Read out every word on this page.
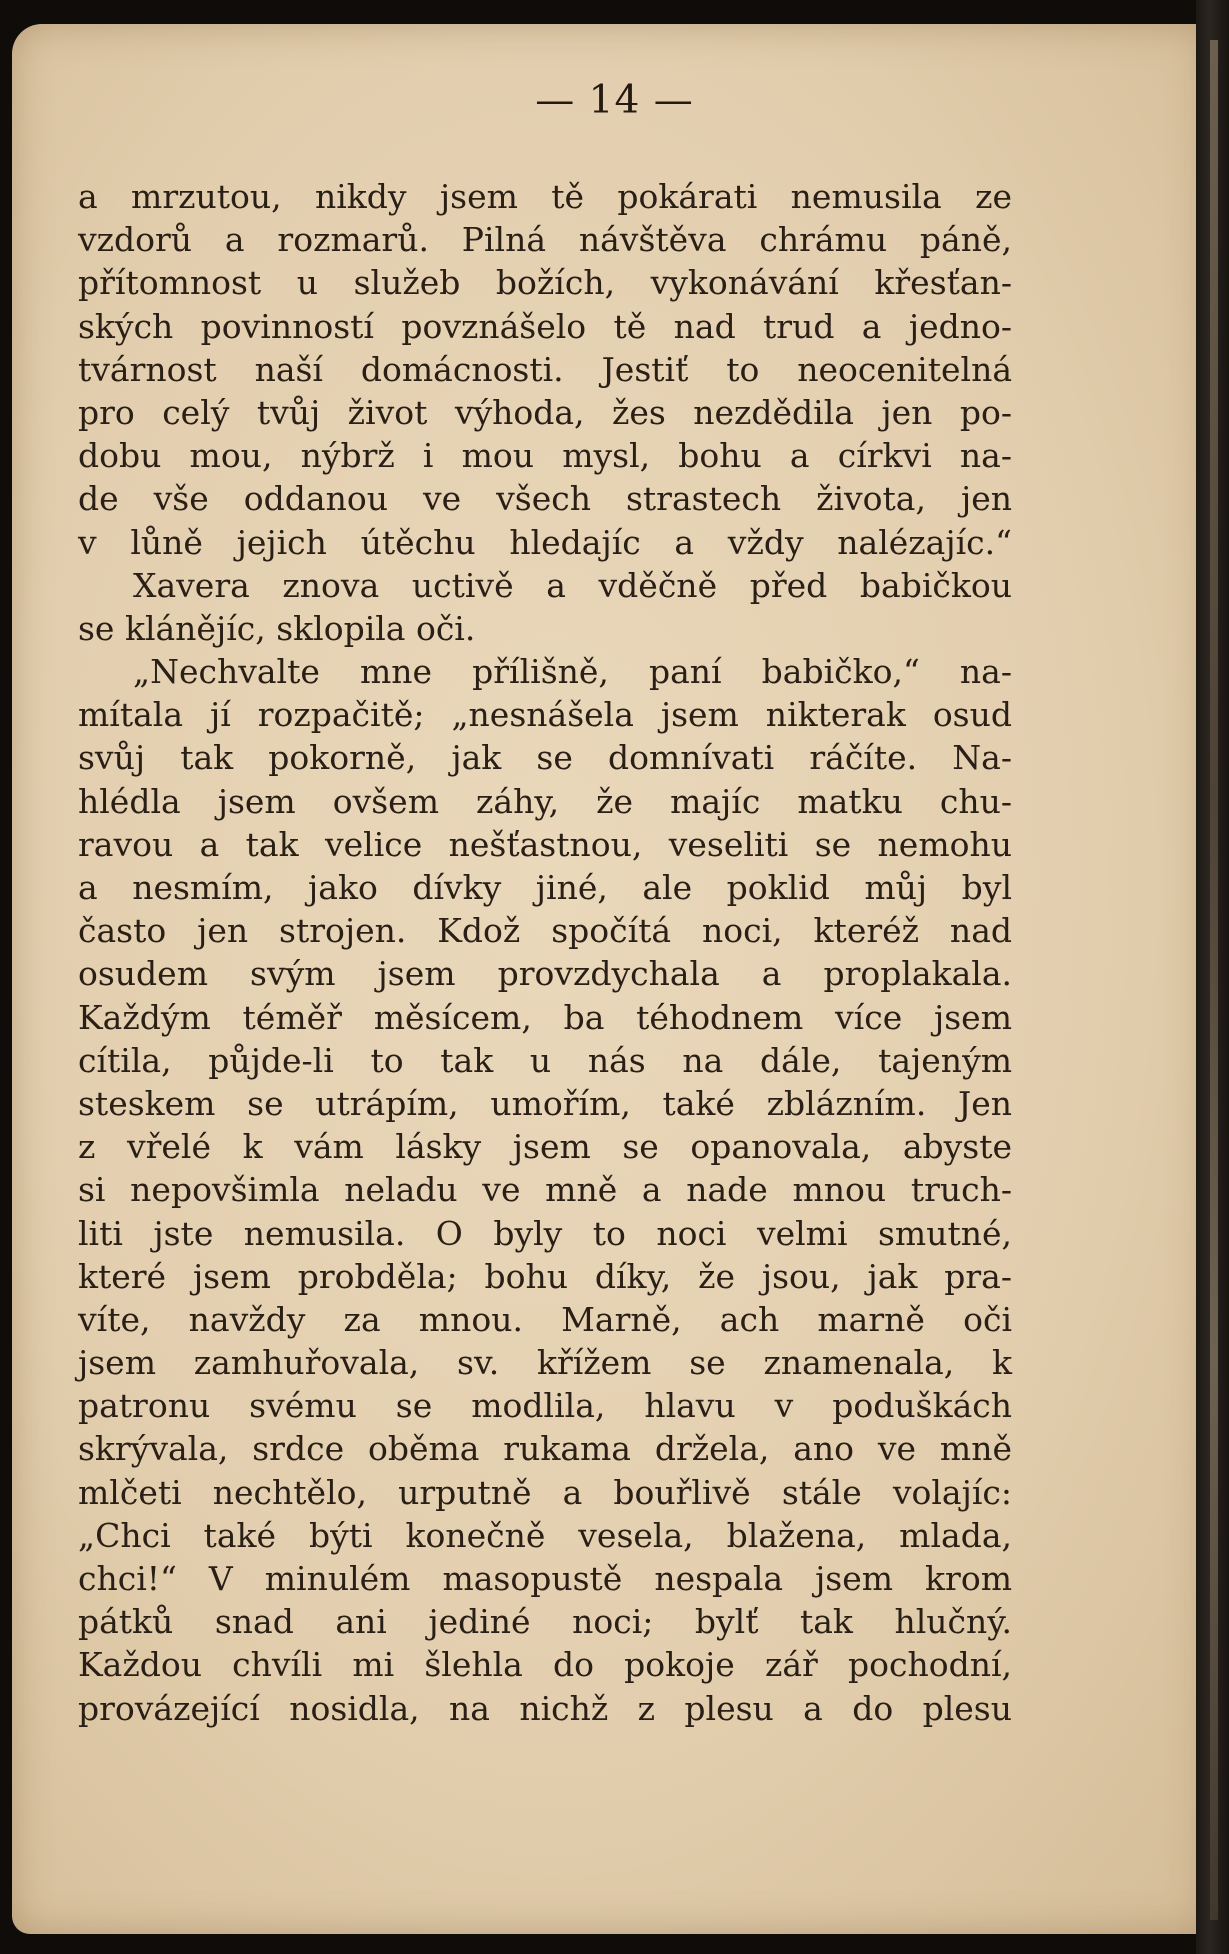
— 14 —
a mrzutou, nikdy jsem tě pokárati nemusila ze
vzdorů a rozmarů. Pilná návštěva chrámu páně,
přítomnost u služeb božích, vykonávání křesťan-
ských povinností povznášelo tě nad trud a jedno-
tvárnost naší domácnosti. Jestiť to neocenitelná
pro celý tvůj život výhoda, žes nezdědila jen po-
dobu mou, nýbrž i mou mysl, bohu a církvi na-
de vše oddanou ve všech strastech života, jen
v lůně jejich útěchu hledajíc a vždy nalézajíc.“
Xavera znova uctivě a vděčně před babičkou
se klánějíc, sklopila oči.
„Nechvalte mne přílišně, paní babičko,“ na-
mítala jí rozpačitě; „nesnášela jsem nikterak osud
svůj tak pokorně, jak se domnívati ráčíte. Na-
hlédla jsem ovšem záhy, že majíc matku chu-
ravou a tak velice nešťastnou, veseliti se nemohu
a nesmím, jako dívky jiné, ale poklid můj byl
často jen strojen. Kdož spočítá noci, kteréž nad
osudem svým jsem provzdychala a proplakala.
Každým téměř měsícem, ba téhodnem více jsem
cítila, půjde-li to tak u nás na dále, tajeným
steskem se utrápím, umořím, také zblázním. Jen
z vřelé k vám lásky jsem se opanovala, abyste
si nepovšimla neladu ve mně a nade mnou truch-
liti jste nemusila. O byly to noci velmi smutné,
které jsem probděla; bohu díky, že jsou, jak pra-
víte, navždy za mnou. Marně, ach marně oči
jsem zamhuřovala, sv. křížem se znamenala, k
patronu svému se modlila, hlavu v poduškách
skrývala, srdce oběma rukama držela, ano ve mně
mlčeti nechtělo, urputně a bouřlivě stále volajíc:
„Chci také býti konečně vesela, blažena, mlada,
chci!“ V minulém masopustě nespala jsem krom
pátků snad ani jediné noci; bylť tak hlučný.
Každou chvíli mi šlehla do pokoje zář pochodní,
provázející nosidla, na nichž z plesu a do plesu
